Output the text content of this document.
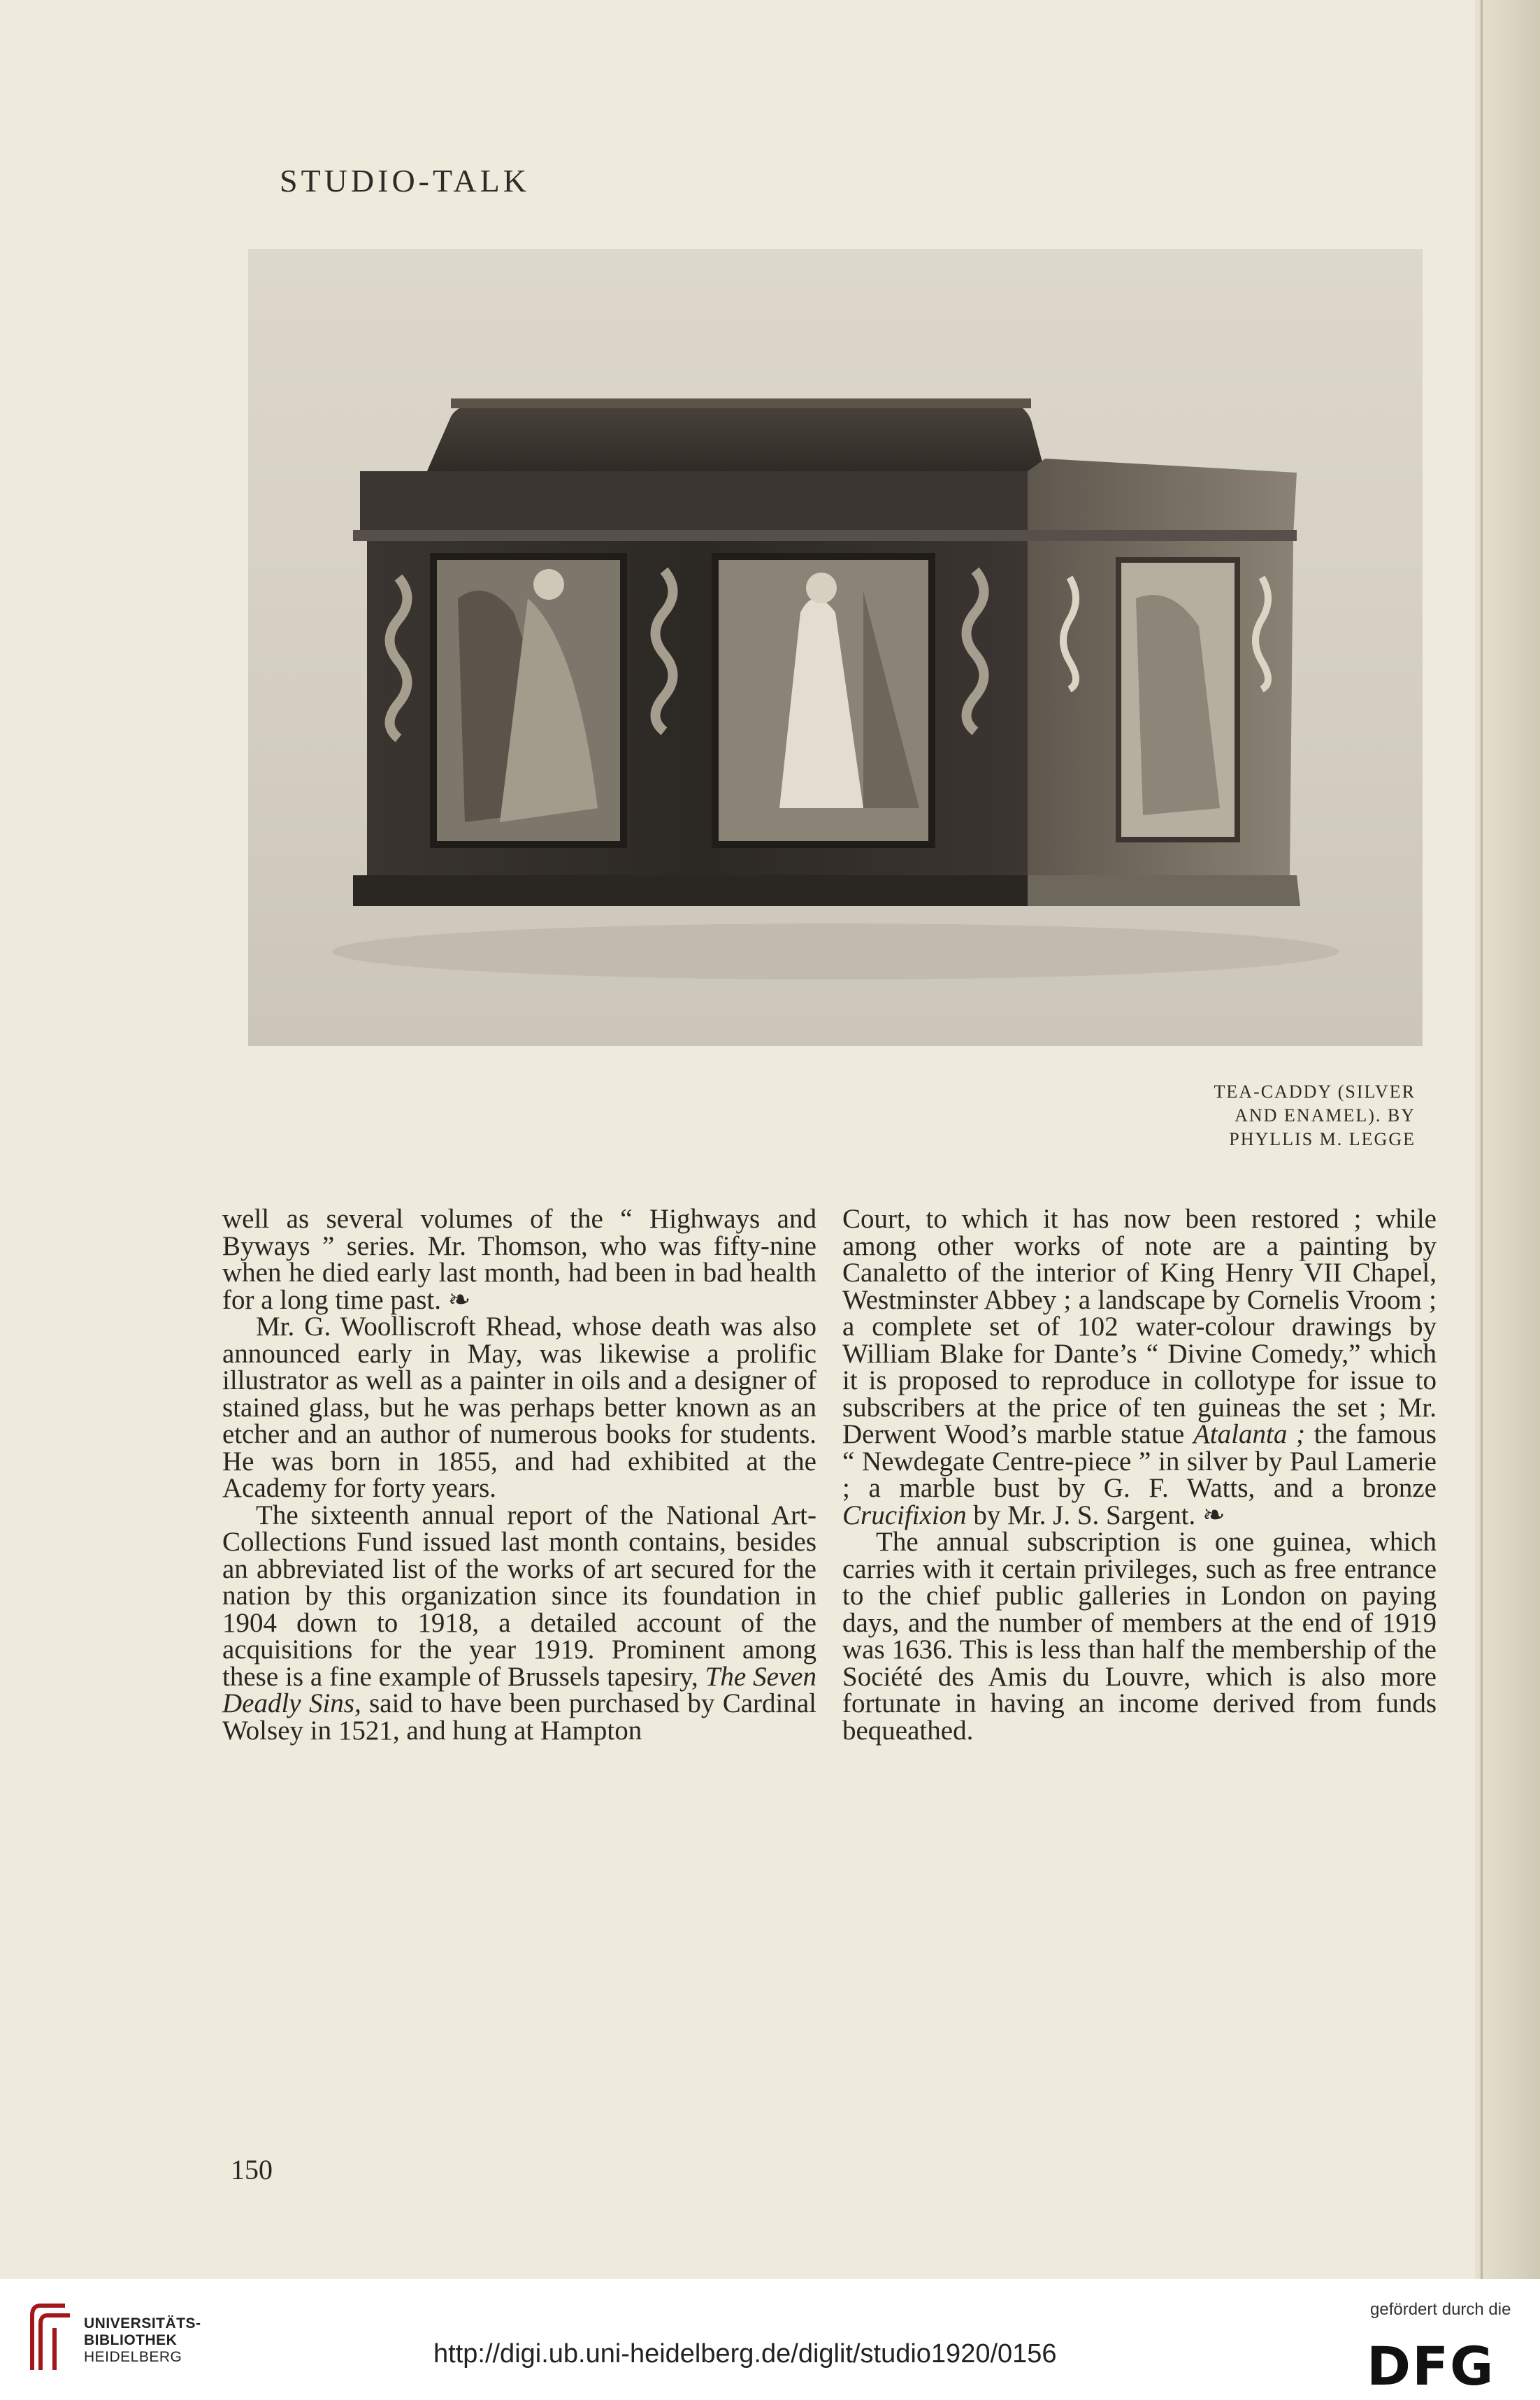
STUDIO-TALK
TEA-CADDY (SILVER
AND ENAMEL). BY
PHYLLIS M. LEGGE

well as several volumes of the “ Highways and Byways ” series. Mr. Thomson, who was fifty-nine when he died early last month, had been in bad health for a long time past. ❧

Mr. G. Woolliscroft Rhead, whose death was also announced early in May, was likewise a prolific illustrator as well as a painter in oils and a designer of stained glass, but he was perhaps better known as an etcher and an author of numerous books for students. He was born in 1855, and had exhibited at the Academy for forty years.

The sixteenth annual report of the National Art-Collections Fund issued last month contains, besides an abbreviated list of the works of art secured for the nation by this organization since its foundation in 1904 down to 1918, a detailed account of the acquisitions for the year 1919. Prominent among these is a fine example of Brussels tapesiry, The Seven Deadly Sins, said to have been purchased by Cardinal Wolsey in 1521, and hung at Hampton

Court, to which it has now been restored ; while among other works of note are a painting by Canaletto of the interior of King Henry VII Chapel, Westminster Abbey ; a landscape by Cornelis Vroom ; a complete set of 102 water-colour drawings by William Blake for Dante’s “ Divine Comedy,” which it is proposed to reproduce in collotype for issue to subscribers at the price of ten guineas the set ; Mr. Derwent Wood’s marble statue Atalanta ; the famous “ Newdegate Centre-piece ” in silver by Paul Lamerie ; a marble bust by G. F. Watts, and a bronze Crucifixion by Mr. J. S. Sargent. ❧

The annual subscription is one guinea, which carries with it certain privileges, such as free entrance to the chief public galleries in London on paying days, and the number of members at the end of 1919 was 1636. This is less than half the membership of the Société des Amis du Louvre, which is also more fortunate in having an income derived from funds bequeathed.

150
UNIVERSITÄTS-
BIBLIOTHEK
HEIDELBERG	http://digi.ub.uni-heidelberg.de/diglit/studio1920/0156
gefördert durch die
DFG
